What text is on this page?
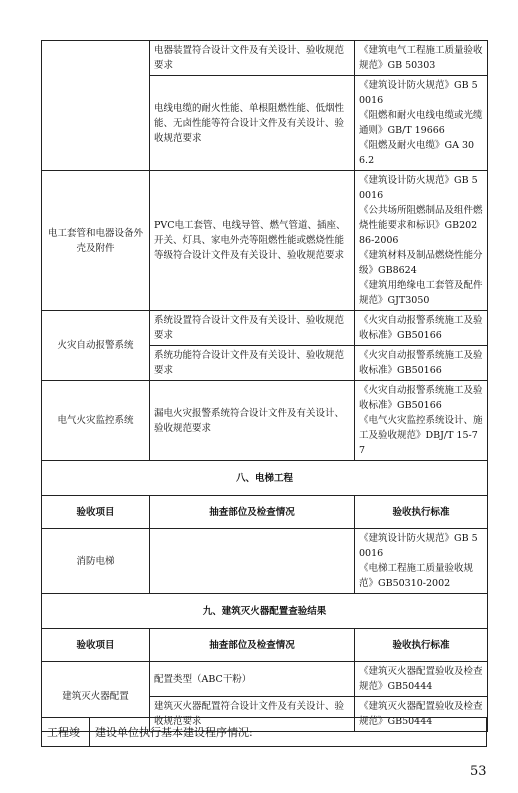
	电器装置符合设计文件及有关设计、验收规范要求	《建筑电气工程施工质量验收规范》GB 50303

	电线电缆的耐火性能、单根阻燃性能、低烟性能、无卤性能等符合设计文件及有关设计、验收规范要求	《建筑设计防火规范》GB 50016
《阻燃和耐火电线电缆或光缆通则》GB/T 19666
《阻燃及耐火电缆》GA 306.2

电工套管和电器设备外壳及附件	PVC电工套管、电线导管、燃气管道、插座、开关、灯具、家电外壳等阻燃性能或燃烧性能等级符合设计文件及有关设计、验收规范要求	《建筑设计防火规范》GB 50016
《公共场所阻燃制品及组件燃烧性能要求和标识》GB20286-2006
《建筑材料及制品燃烧性能分级》GB8624
《建筑用绝缘电工套管及配件规范》GJT3050

火灾自动报警系统	系统设置符合设计文件及有关设计、验收规范要求	《火灾自动报警系统施工及验收标准》GB50166

	系统功能符合设计文件及有关设计、验收规范要求	《火灾自动报警系统施工及验收标准》GB50166

电气火灾监控系统	漏电火灾报警系统符合设计文件及有关设计、验收规范要求	《火灾自动报警系统施工及验收标准》GB50166
《电气火灾监控系统设计、施工及验收规范》DBJ/T 15-77

八、电梯工程		
验收项目	抽查部位及检查情况	验收执行标准
消防电梯		《建筑设计防火规范》GB 50016
《电梯工程施工质量验收规范》GB50310-2002

九、建筑灭火器配置查验结果		
验收项目	抽查部位及检查情况	验收执行标准
建筑灭火器配置	配置类型（ABC干粉）	《建筑灭火器配置验收及检查规范》GB50444

	建筑灭火器配置符合设计文件及有关设计、验收规范要求	《建筑灭火器配置验收及检查规范》GB50444
工程竣	建设单位执行基本建设程序情况:
53
